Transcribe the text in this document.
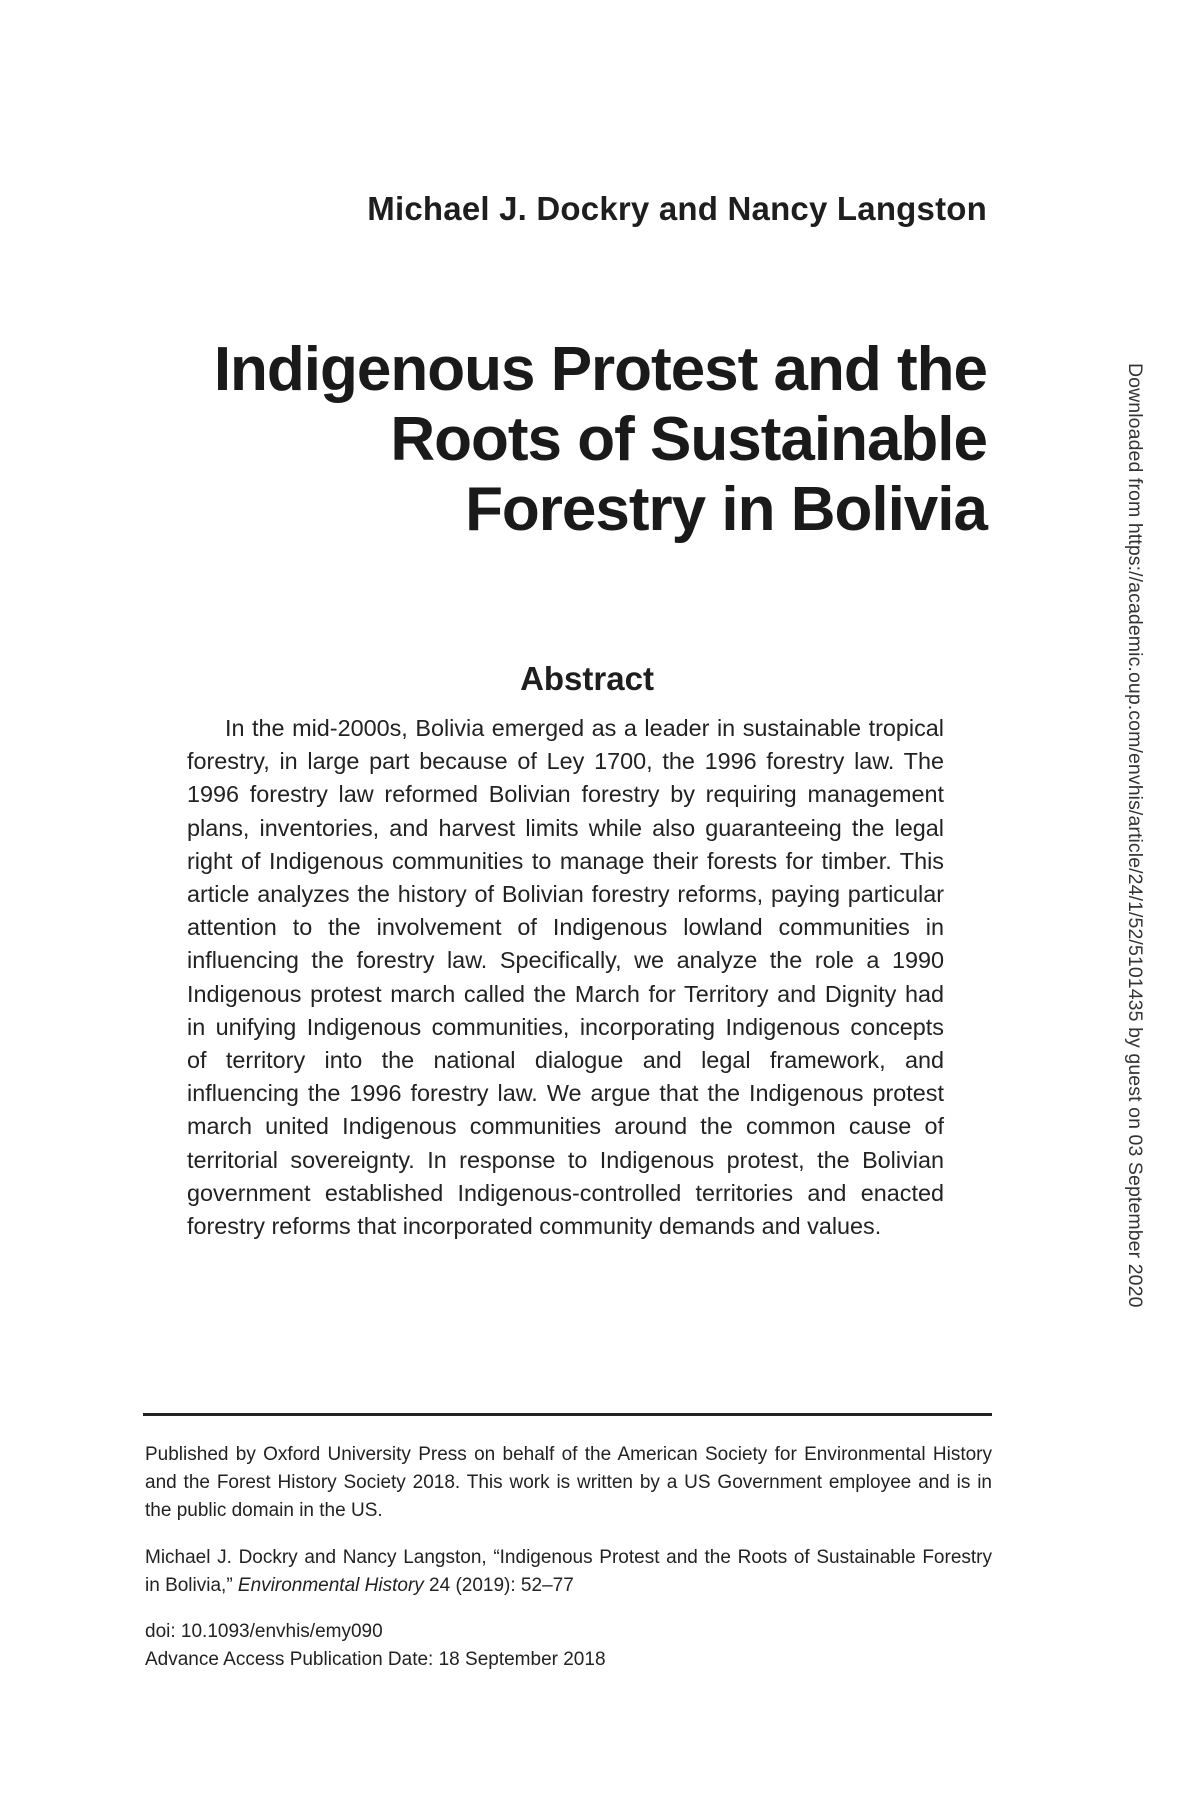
Michael J. Dockry and Nancy Langston
Indigenous Protest and the
Roots of Sustainable
Forestry in Bolivia
Abstract

In the mid-2000s, Bolivia emerged as a leader in sustainable tropical forestry, in large part because of Ley 1700, the 1996 forestry law. The 1996 forestry law reformed Bolivian forestry by requiring management plans, inventories, and harvest limits while also guaranteeing the legal right of Indigenous communities to manage their forests for timber. This article analyzes the history of Bolivian forestry reforms, paying particular attention to the involvement of Indigenous lowland communities in influencing the forestry law. Specifically, we analyze the role a 1990 Indigenous protest march called the March for Territory and Dignity had in unifying Indigenous communities, incorporating Indigenous concepts of territory into the national dialogue and legal framework, and influencing the 1996 forestry law. We argue that the Indigenous protest march united Indigenous communities around the common cause of territorial sovereignty. In response to Indigenous protest, the Bolivian government established Indigenous-controlled territories and enacted forestry reforms that incorporated community demands and values.

Published by Oxford University Press on behalf of the American Society for Environmental History and the Forest History Society 2018. This work is written by a US Government employee and is in the public domain in the US.
Michael J. Dockry and Nancy Langston, “Indigenous Protest and the Roots of Sustainable Forestry in Bolivia,” Environmental History 24 (2019): 52–77
doi: 10.1093/envhis/emy090
Advance Access Publication Date: 18 September 2018
Downloaded from https://academic.oup.com/envhis/article/24/1/52/5101435 by guest on 03 September 2020
